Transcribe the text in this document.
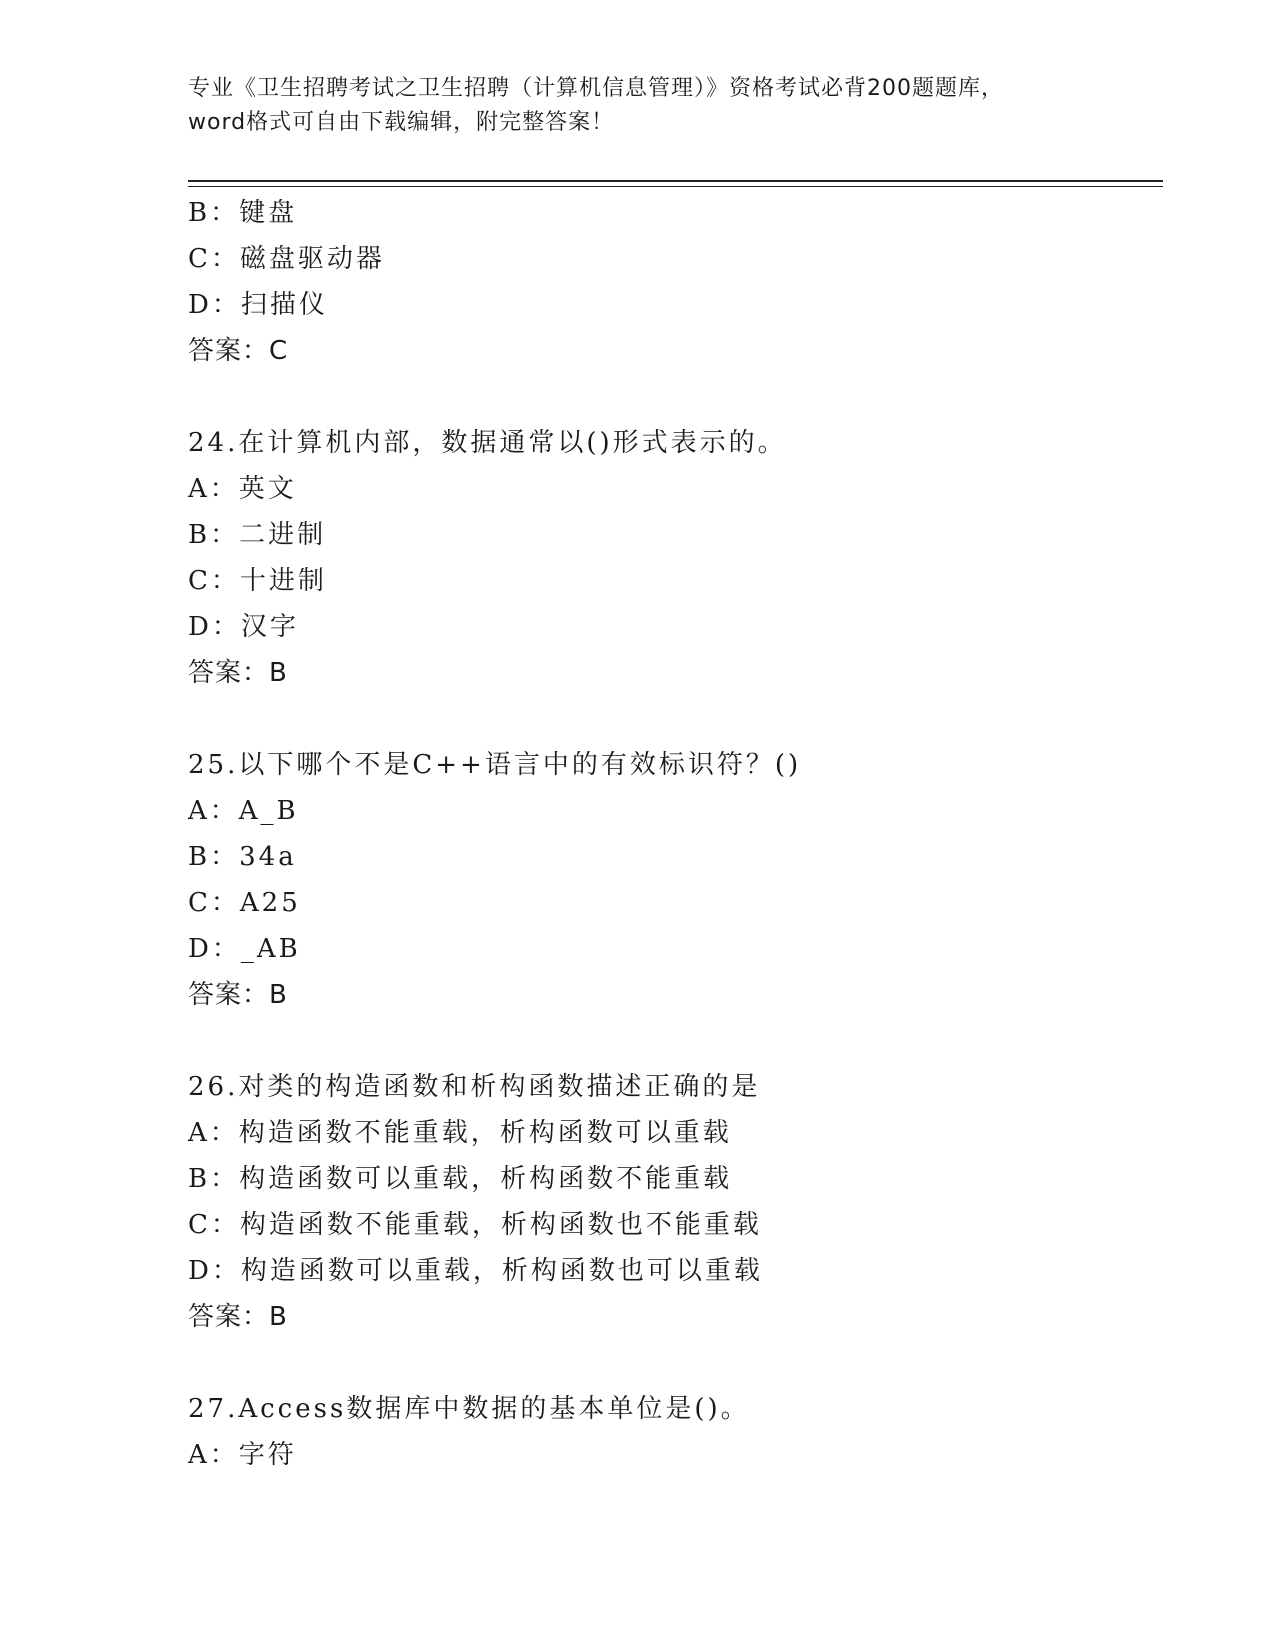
专业《卫生招聘考试之卫生招聘（计算机信息管理）》资格考试必背200题题库，
word格式可自由下载编辑，附完整答案！
B：键盘
C：磁盘驱动器
D：扫描仪
答案：C
24.在计算机内部，数据通常以()形式表示的。
A：英文
B：二进制
C：十进制
D：汉字
答案：B
25.以下哪个不是C++语言中的有效标识符？()
A：A_B
B：34a
C：A25
D：_AB
答案：B
26.对类的构造函数和析构函数描述正确的是
A：构造函数不能重载，析构函数可以重载
B：构造函数可以重载，析构函数不能重载
C：构造函数不能重载，析构函数也不能重载
D：构造函数可以重载，析构函数也可以重载
答案：B
27.Access数据库中数据的基本单位是()。
A：字符
